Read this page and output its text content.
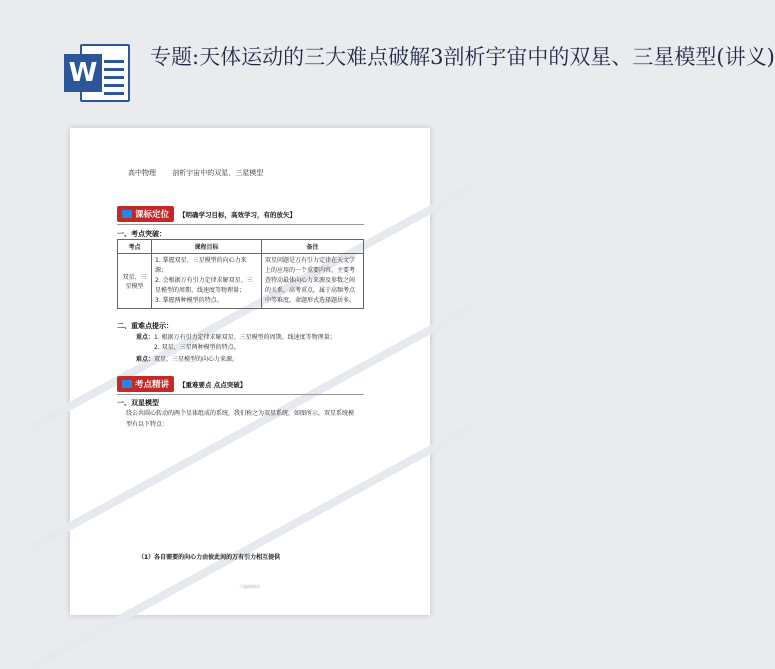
W
专题:天体运动的三大难点破解3剖析宇宙中的双星、三星模型(讲义)
高中物理 剖析宇宙中的双星、三星模型
课标定位	【明确学习目标，高效学习，有的放矢】
一、考点突破：
考点	课程目标	备注
双星、三星模型	1. 掌握双星、三星模型的向心力来源；
2. 会根据万有引力定律求解双星、三星模型的周期、线速度等物理量；
3. 掌握两种模型的特点。	双星问题是万有引力定律在天文学上的应用的一个重要内容，主要考查特动最体向心力来源及参数之间的关系，高考重点，属于高频考点中等难度，命题形式选择题居多。
二、重难点提示：
重点： 1. 根据万有引力定律求解双星、三星模型的周期、线速度等物理量；
2. 双星、三星两种模型的特点。
难点： 双星、三星模型的向心力来源。
考点精讲	【重难要点 点点突破】
一、双星模型
绕公共圆心转动的两个星体组成的系统，我们称之为双星系统，如图所示，双星系统模型有以下特点：
（1）各自需要的向心力由彼此间的万有引力相互提供
- 可编辑修改 -
